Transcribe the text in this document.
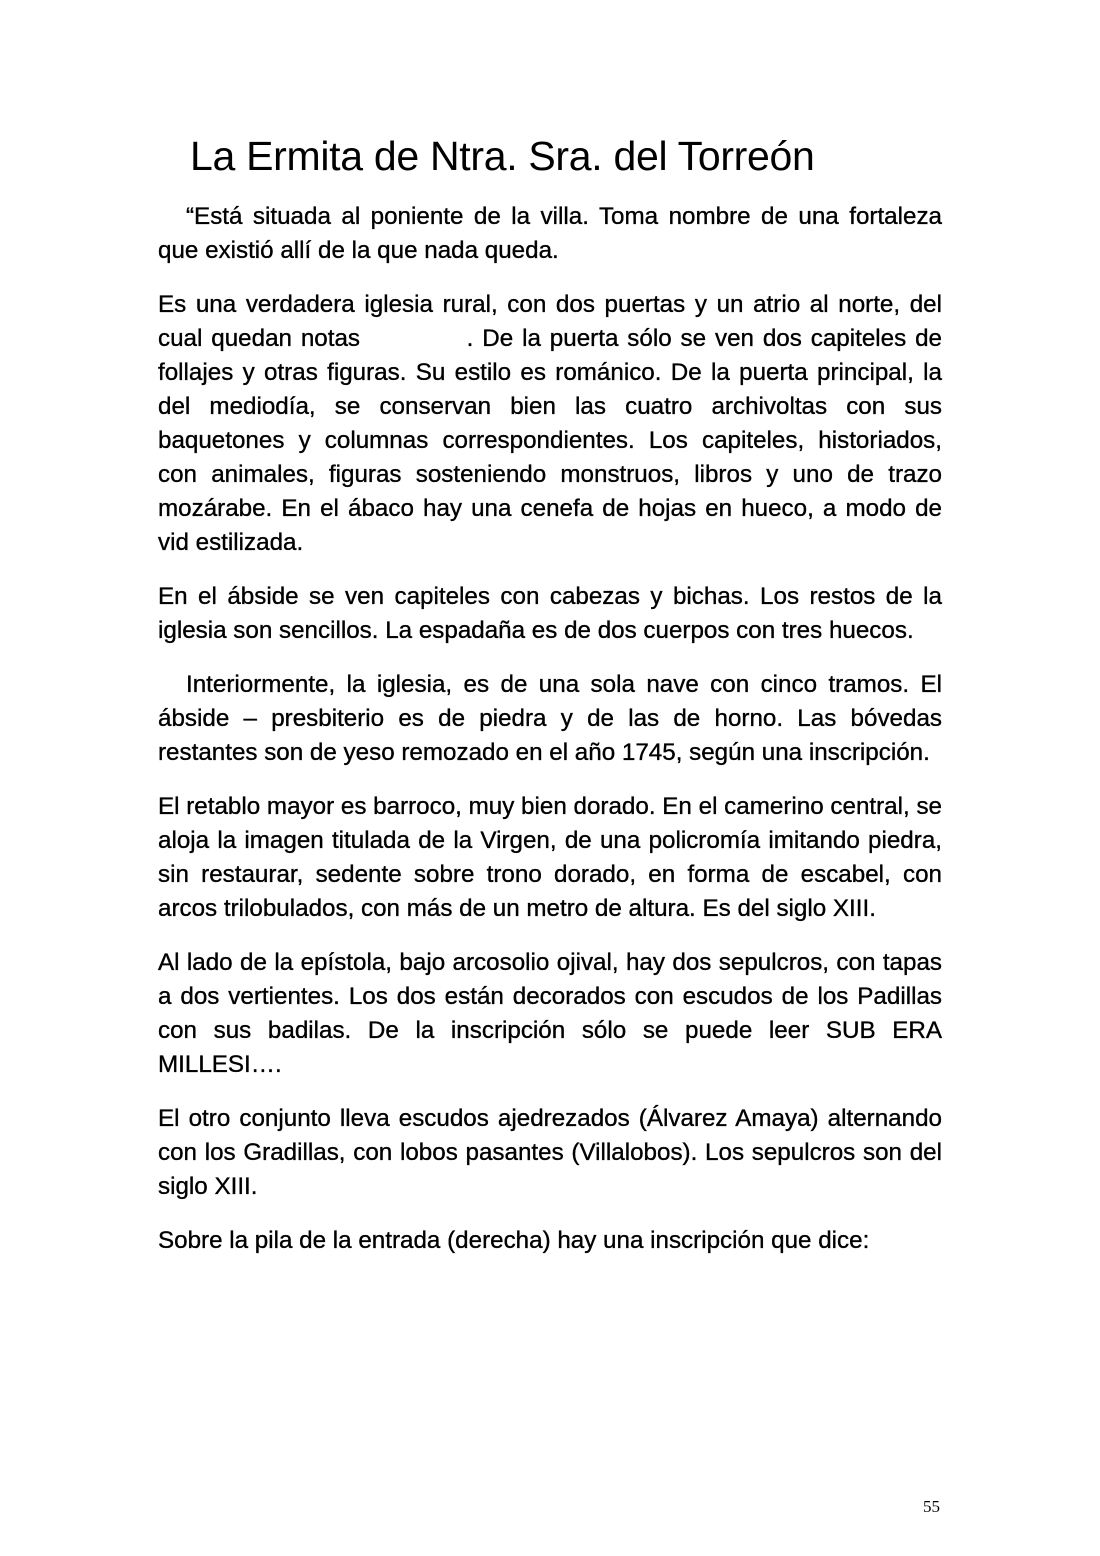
La Ermita de Ntra. Sra. del Torreón

“Está situada al poniente de la villa. Toma nombre de una fortaleza que existió allí de la que nada queda.

Es una verdadera iglesia rural, con dos puertas y un atrio al norte, del cual quedan notas            . De la puerta sólo se ven dos capiteles de follajes y otras figuras. Su estilo es románico. De la puerta principal, la del mediodía, se conservan bien las cuatro archivoltas con sus baquetones y columnas correspondientes. Los capiteles, historiados, con animales, figuras sosteniendo monstruos, libros y uno de trazo mozárabe. En el ábaco hay una cenefa de hojas en hueco, a modo de vid estilizada.

En el ábside se ven capiteles con cabezas y bichas. Los restos de la iglesia son sencillos. La espadaña es de dos cuerpos con tres huecos.

Interiormente, la iglesia, es de una sola nave con cinco tramos. El ábside – presbiterio es de piedra y de las de horno. Las bóvedas restantes son de yeso remozado en el año 1745, según una inscripción.

El retablo mayor es barroco, muy bien dorado. En el camerino central, se aloja la imagen titulada de la Virgen, de una policromía imitando piedra, sin restaurar, sedente sobre trono dorado, en forma de escabel, con arcos trilobulados, con más de un metro de altura. Es del siglo XIII.

Al lado de la epístola, bajo arcosolio ojival, hay dos sepulcros, con tapas a dos vertientes. Los dos están decorados con escudos de los Padillas con sus badilas. De la inscripción sólo se puede leer SUB ERA MILLESI….

El otro conjunto lleva escudos ajedrezados (Álvarez Amaya) alternando con los Gradillas, con lobos pasantes (Villalobos). Los sepulcros son del siglo XIII.

Sobre la pila de la entrada (derecha) hay una inscripción que dice:

55
